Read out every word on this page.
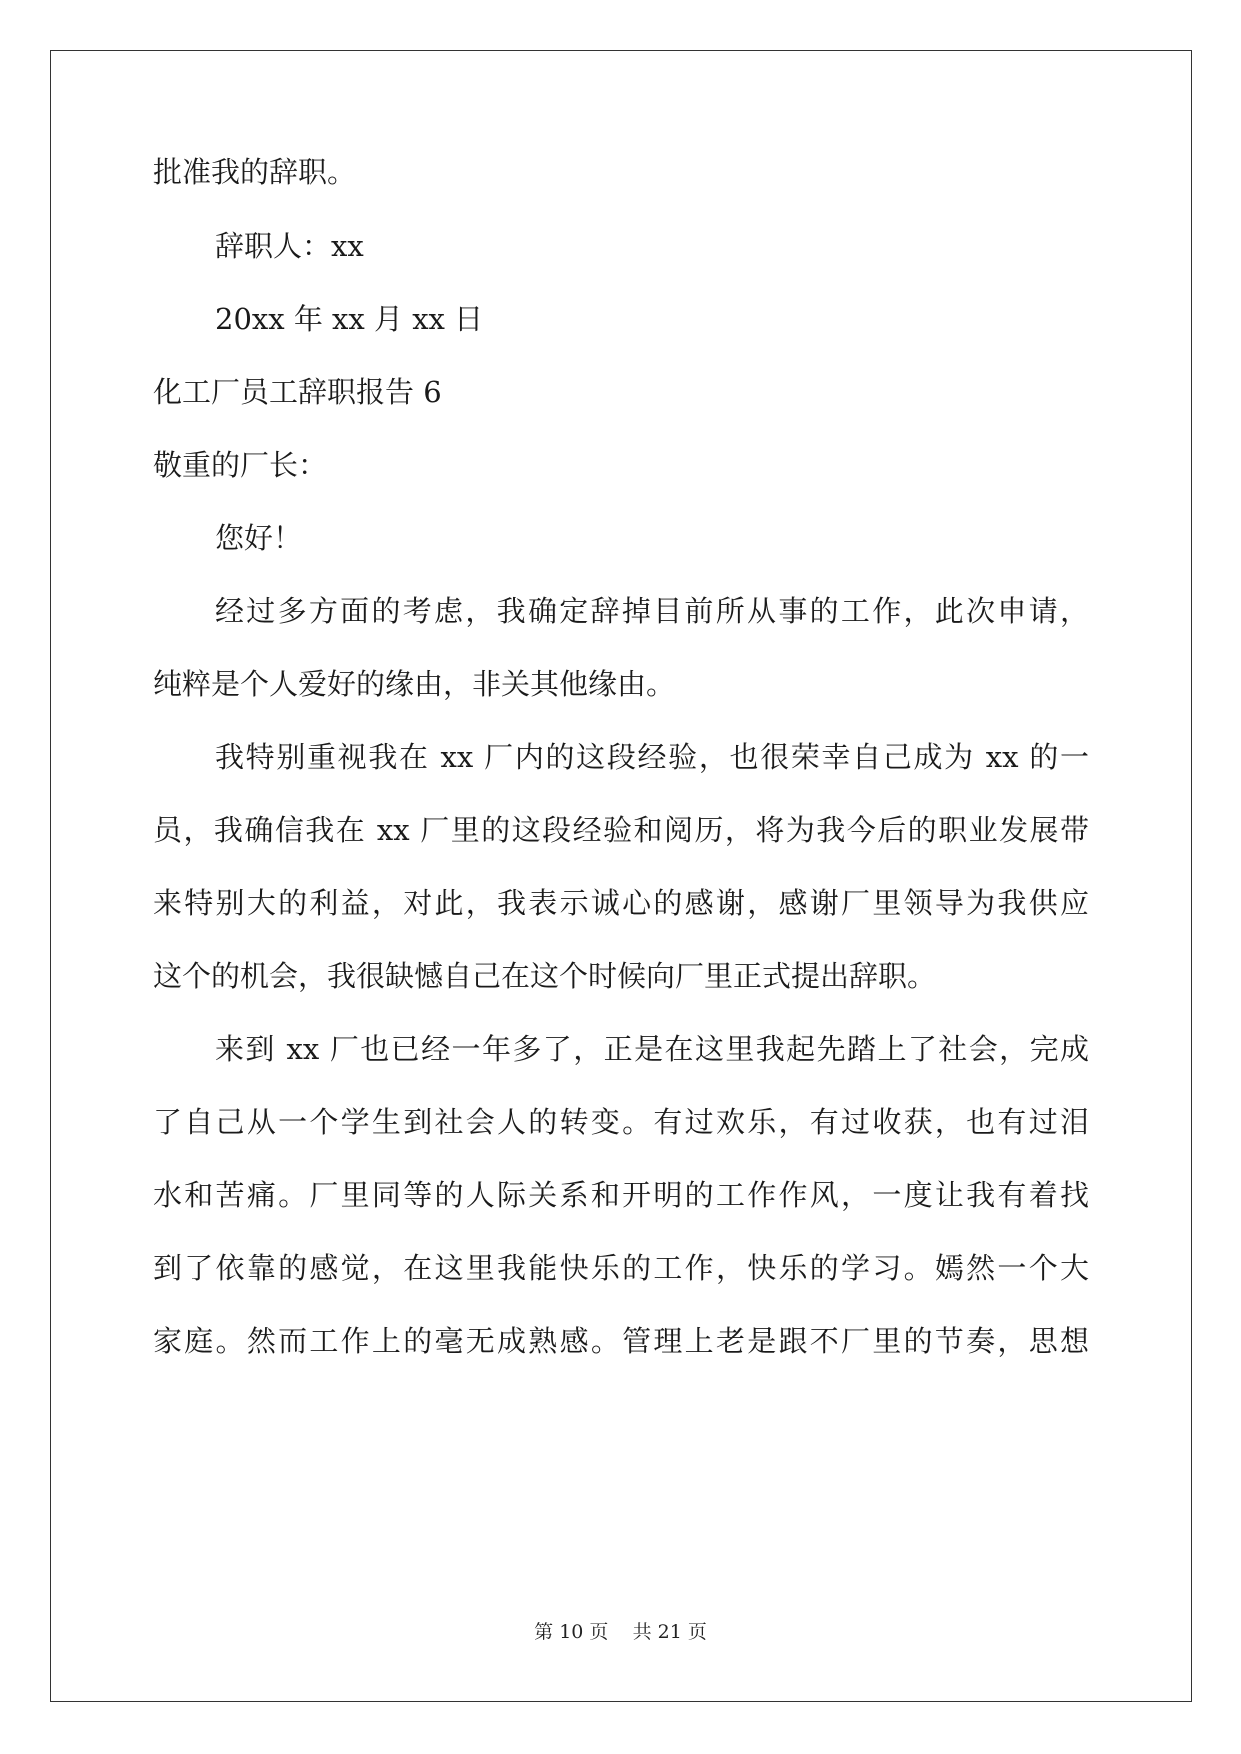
批准我的辞职。
辞职人：xx
20xx 年 xx 月 xx 日
化工厂员工辞职报告 6
敬重的厂长：
您好！
经过多方面的考虑，我确定辞掉目前所从事的工作，此次申请，
纯粹是个人爱好的缘由，非关其他缘由。
我特别重视我在 xx 厂内的这段经验，也很荣幸自己成为 xx 的一
员，我确信我在 xx 厂里的这段经验和阅历，将为我今后的职业发展带
来特别大的利益，对此，我表示诚心的感谢，感谢厂里领导为我供应
这个的机会，我很缺憾自己在这个时候向厂里正式提出辞职。
来到 xx 厂也已经一年多了，正是在这里我起先踏上了社会，完成
了自己从一个学生到社会人的转变。有过欢乐，有过收获，也有过泪
水和苦痛。厂里同等的人际关系和开明的工作作风，一度让我有着找
到了依靠的感觉，在这里我能快乐的工作，快乐的学习。嫣然一个大
家庭。然而工作上的毫无成熟感。管理上老是跟不厂里的节奏，思想
第 10 页    共 21 页
